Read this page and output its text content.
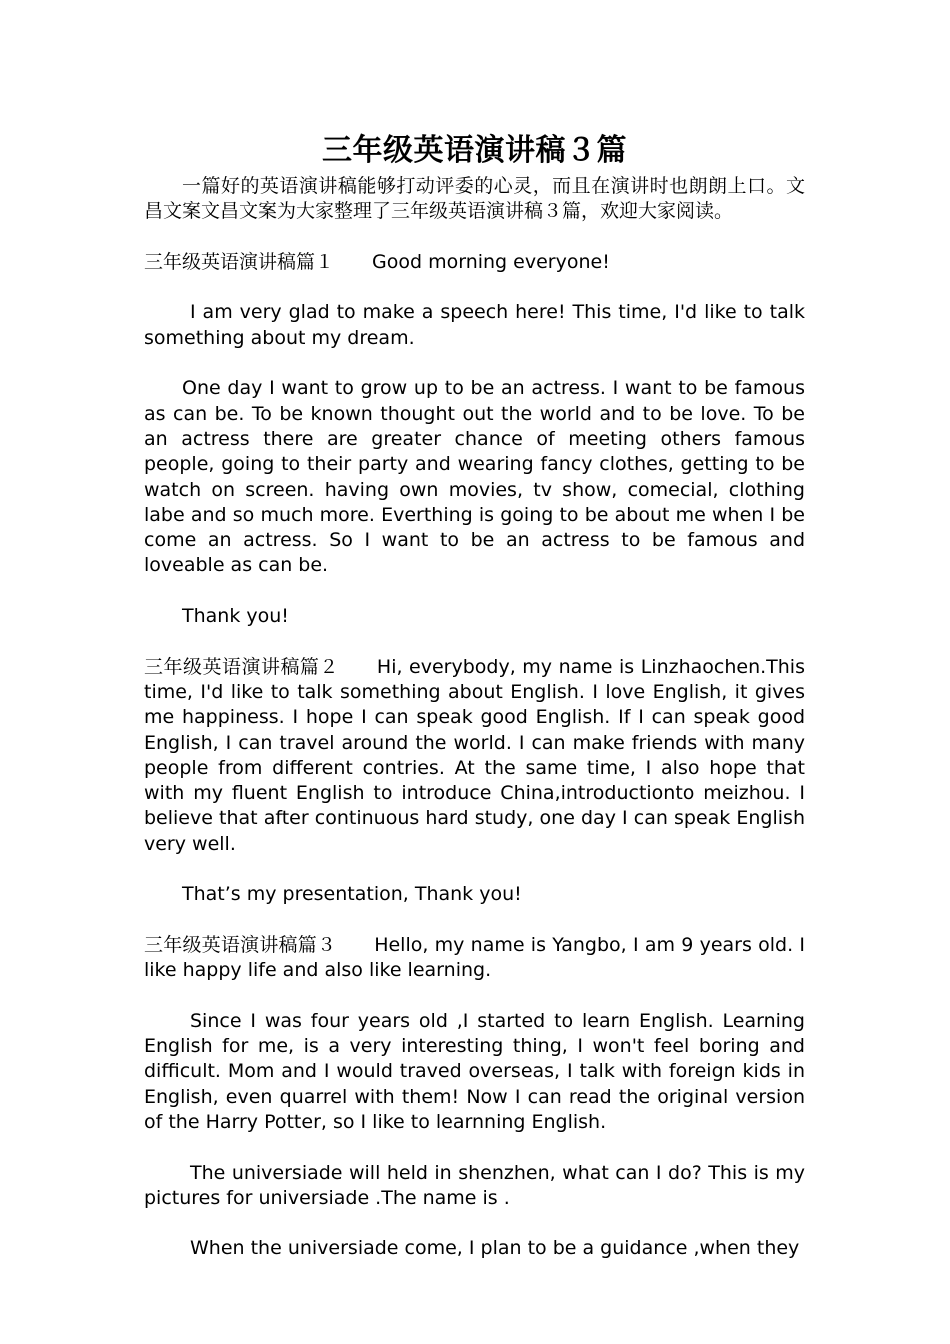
三年级英语演讲稿３篇

一篇好的英语演讲稿能够打动评委的心灵，而且在演讲时也朗朗上口。文昌文案文昌文案为大家整理了三年级英语演讲稿３篇，欢迎大家阅读。

三年级英语演讲稿篇１ Good morning everyone!

I am very glad to make a speech here! This time, I'd like to talk something about my dream.

One day I want to grow up to be an actress. I want to be famous as can be. To be known thought out the world and to be love. To be an actress there are greater chance of meeting others famous people, going to their party and wearing fancy clothes, getting to be watch on screen. having own movies, tv show, comecial, clothing labe and so much more. Everthing is going to be about me when I be come an actress. So I want to be an actress to be famous and loveable as can be.

Thank you!

三年级英语演讲稿篇２ Hi, everybody, my name is Linzhaochen.This time, I'd like to talk something about English. I love English, it gives me happiness. I hope I can speak good English. If I can speak good English, I can travel around the world. I can make friends with many people from different contries. At the same time, I also hope that with my fluent English to introduce China,introductionto meizhou. I believe that after continuous hard study, one day I can speak English very well.

That’s my presentation, Thank you!

三年级英语演讲稿篇３ Hello, my name is Yangbo, I am 9 years old. I like happy life and also like learning.

Since I was four years old ,I started to learn English. Learning English for me, is a very interesting thing, I won't feel boring and difficult. Mom and I would traved overseas, I talk with foreign kids in English, even quarrel with them! Now I can read the original version of the Harry Potter, so I like to learnning English.

The universiade will held in shenzhen, what can I do? This is my pictures for universiade .The name is .

When the universiade come, I plan to be a guidance ,when they
